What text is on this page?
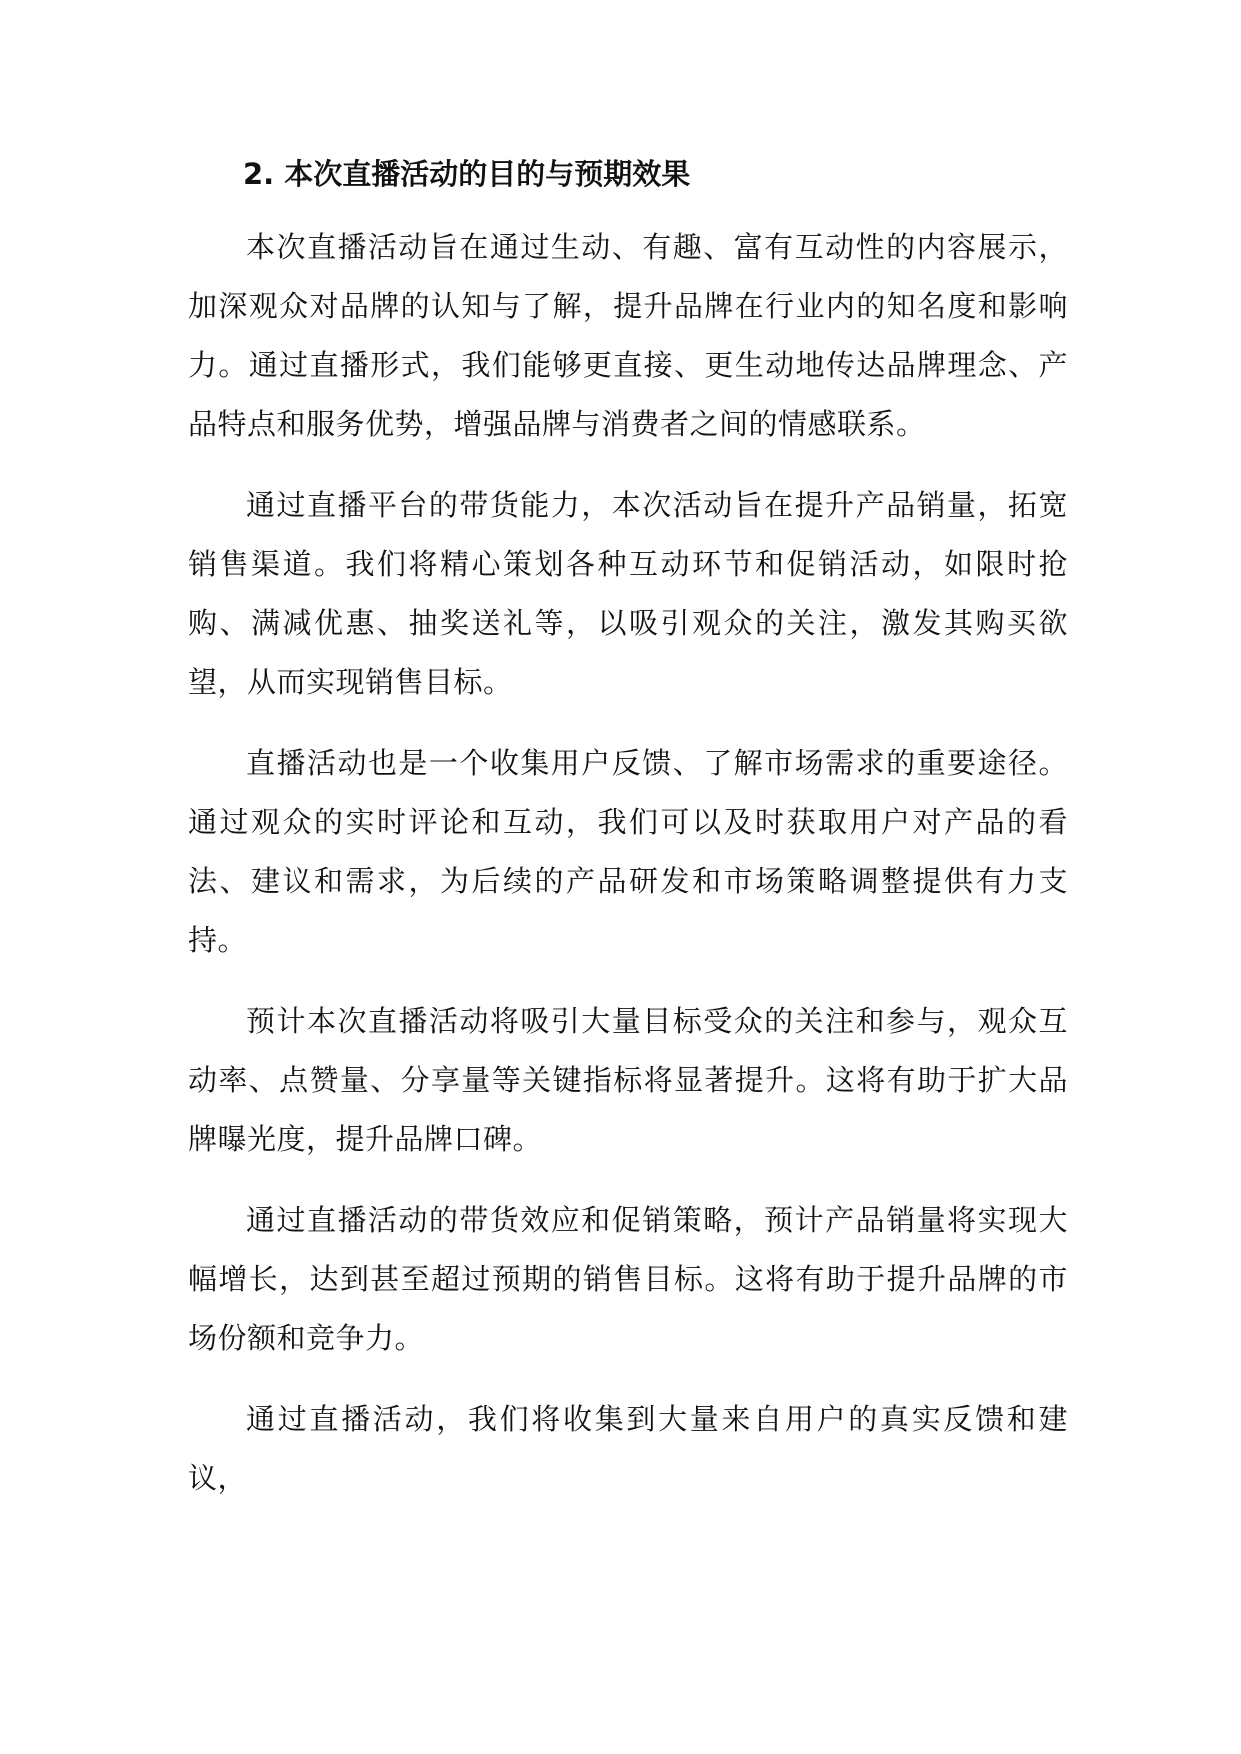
2. 本次直播活动的目的与预期效果

本次直播活动旨在通过生动、有趣、富有互动性的内容展示，加深观众对品牌的认知与了解，提升品牌在行业内的知名度和影响力。通过直播形式，我们能够更直接、更生动地传达品牌理念、产品特点和服务优势，增强品牌与消费者之间的情感联系。

通过直播平台的带货能力，本次活动旨在提升产品销量，拓宽销售渠道。我们将精心策划各种互动环节和促销活动，如限时抢购、满减优惠、抽奖送礼等，以吸引观众的关注，激发其购买欲望，从而实现销售目标。

直播活动也是一个收集用户反馈、了解市场需求的重要途径。通过观众的实时评论和互动，我们可以及时获取用户对产品的看法、建议和需求，为后续的产品研发和市场策略调整提供有力支持。

预计本次直播活动将吸引大量目标受众的关注和参与，观众互动率、点赞量、分享量等关键指标将显著提升。这将有助于扩大品牌曝光度，提升品牌口碑。

通过直播活动的带货效应和促销策略，预计产品销量将实现大幅增长，达到甚至超过预期的销售目标。这将有助于提升品牌的市场份额和竞争力。

通过直播活动，我们将收集到大量来自用户的真实反馈和建议，
